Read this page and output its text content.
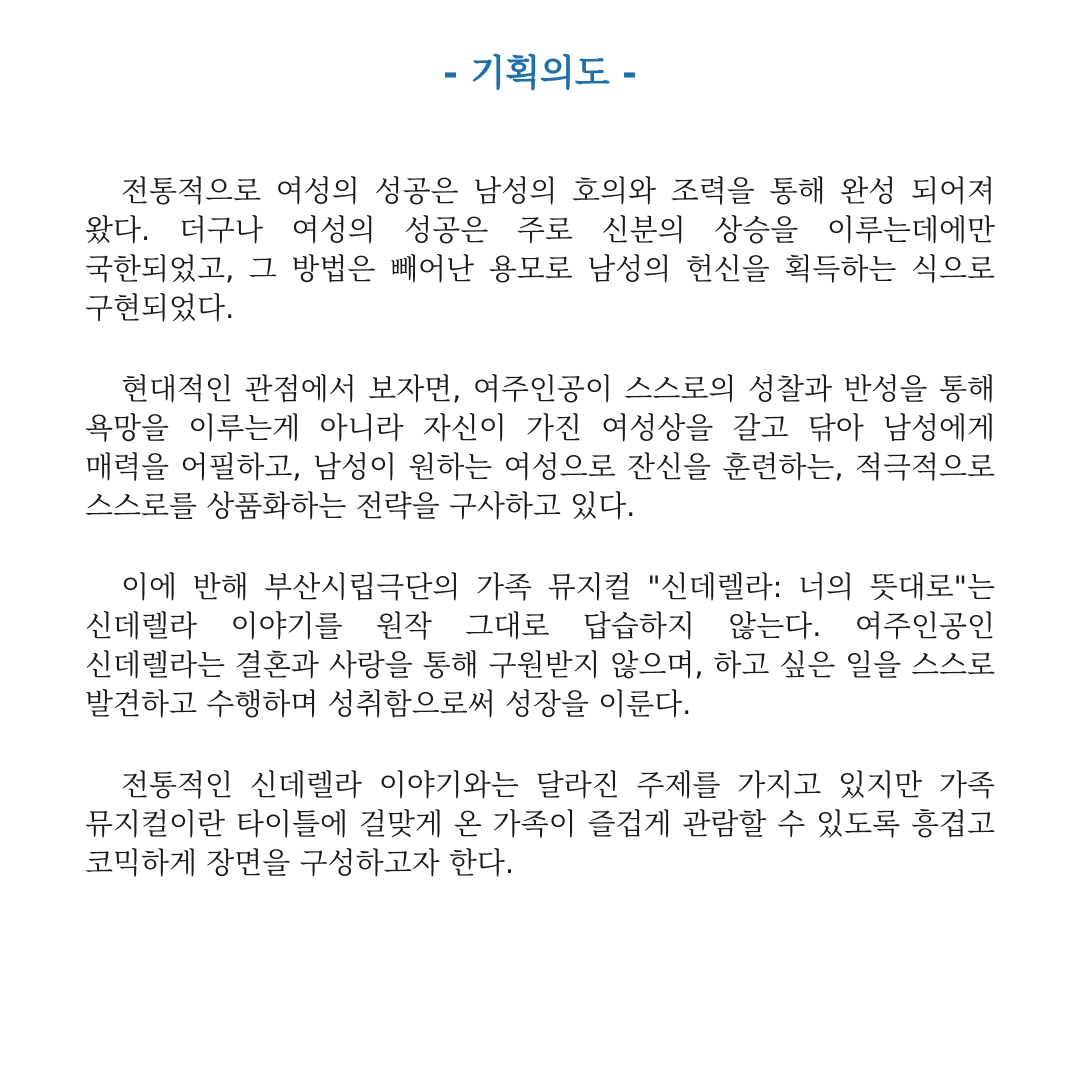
- 기획의도 -

전통적으로 여성의 성공은 남성의 호의와 조력을 통해 완성 되어져 왔다. 더구나 여성의 성공은 주로 신분의 상승을 이루는데에만 국한되었고, 그 방법은 빼어난 용모로 남성의 헌신을 획득하는 식으로 구현되었다.

현대적인 관점에서 보자면, 여주인공이 스스로의 성찰과 반성을 통해 욕망을 이루는게 아니라 자신이 가진 여성상을 갈고 닦아 남성에게 매력을 어필하고, 남성이 원하는 여성으로 잔신을 훈련하는, 적극적으로 스스로를 상품화하는 전략을 구사하고 있다.

이에 반해 부산시립극단의 가족 뮤지컬 "신데렐라: 너의 뜻대로"는 신데렐라 이야기를 원작 그대로 답습하지 않는다. 여주인공인 신데렐라는 결혼과 사랑을 통해 구원받지 않으며, 하고 싶은 일을 스스로 발견하고 수행하며 성취함으로써 성장을 이룬다.

전통적인 신데렐라 이야기와는 달라진 주제를 가지고 있지만 가족 뮤지컬이란 타이틀에 걸맞게 온 가족이 즐겁게 관람할 수 있도록 흥겹고 코믹하게 장면을 구성하고자 한다.
